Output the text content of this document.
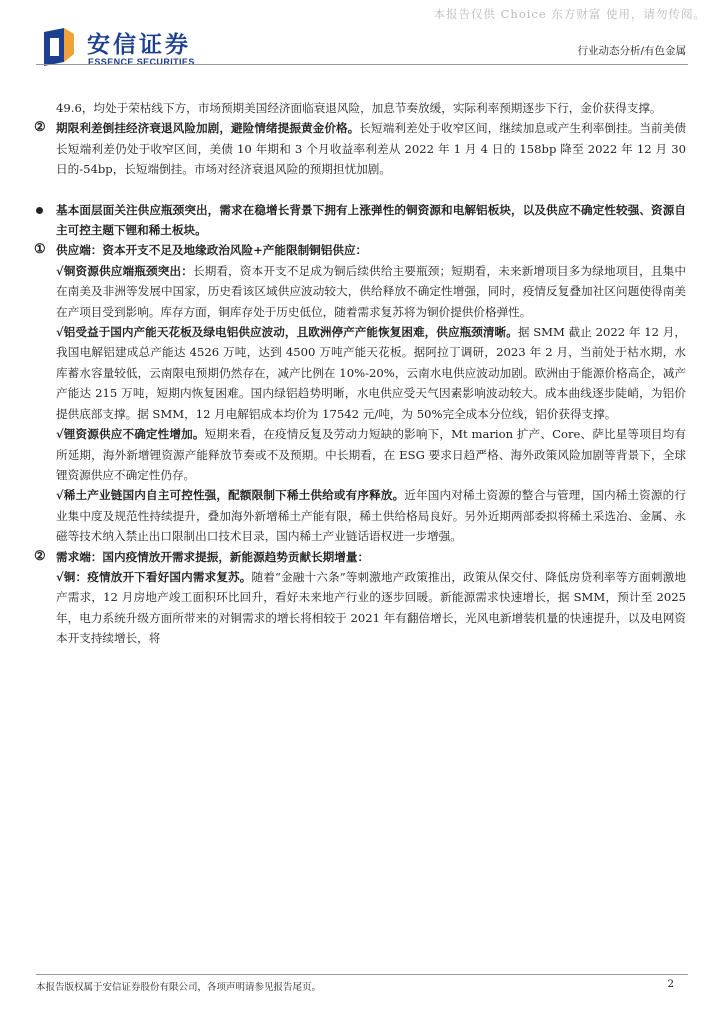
本报告仅供 Choice 东方财富 使用，请勿传阅。
安信证券
ESSENCE SECURITIES
行业动态分析/有色金属
49.6，均处于荣枯线下方，市场预期美国经济面临衰退风险，加息节奏放缓，实际利率预期逐步下行，金价获得支撑。
② 期限利差倒挂经济衰退风险加剧，避险情绪提振黄金价格。长短端利差处于收窄区间，继续加息或产生利率倒挂。当前美债长短端利差仍处于收窄区间，美债 10 年期和 3 个月收益率利差从 2022 年 1 月 4 日的 158bp 降至 2022 年 12 月 30 日的-54bp，长短端倒挂。市场对经济衰退风险的预期担忧加剧。
基本面层面关注供应瓶颈突出，需求在稳增长背景下拥有上涨弹性的铜资源和电解铝板块，以及供应不确定性较强、资源自主可控主题下锂和稀土板块。
① 供应端：资本开支不足及地缘政治风险+产能限制铜铝供应：
√铜资源供应端瓶颈突出：长期看，资本开支不足成为铜后续供给主要瓶颈；短期看，未来新增项目多为绿地项目，且集中在南美及非洲等发展中国家，历史看该区域供应波动较大，供给释放不确定性增强，同时，疫情反复叠加社区问题使得南美在产项目受到影响。库存方面，铜库存处于历史低位，随着需求复苏将为铜价提供价格弹性。
√铝受益于国内产能天花板及绿电铝供应波动，且欧洲停产产能恢复困难，供应瓶颈清晰。据 SMM 截止 2022 年 12 月，我国电解铝建成总产能达 4526 万吨，达到 4500 万吨产能天花板。据阿拉丁调研，2023 年 2 月，当前处于枯水期，水库蓄水容量较低，云南限电预期仍然存在，减产比例在 10%-20%，云南水电供应波动加剧。欧洲由于能源价格高企，减产产能达 215 万吨，短期内恢复困难。国内绿铝趋势明晰，水电供应受天气因素影响波动较大。成本曲线逐步陡峭，为铝价提供底部支撑。据 SMM，12 月电解铝成本均价为 17542 元/吨，为 50%完全成本分位线，铝价获得支撑。
√锂资源供应不确定性增加。短期来看，在疫情反复及劳动力短缺的影响下，Mt marion 扩产、Core、萨比星等项目均有所延期，海外新增锂资源产能释放节奏或不及预期。中长期看，在 ESG 要求日趋严格、海外政策风险加剧等背景下，全球锂资源供应不确定性仍存。
√稀土产业链国内自主可控性强，配额限制下稀土供给或有序释放。近年国内对稀土资源的整合与管理，国内稀土资源的行业集中度及规范性持续提升，叠加海外新增稀土产能有限，稀土供给格局良好。另外近期两部委拟将稀土采选冶、金属、永磁等技术纳入禁止出口限制出口技术目录，国内稀土产业链话语权进一步增强。
② 需求端：国内疫情放开需求提振，新能源趋势贡献长期增量：
√铜：疫情放开下看好国内需求复苏。随着“金融十六条”等刺激地产政策推出，政策从保交付、降低房贷利率等方面刺激地产需求，12 月房地产竣工面积环比回升，看好未来地产行业的逐步回暖。新能源需求快速增长，据 SMM，预计至 2025 年，电力系统升级方面所带来的对铜需求的增长将相较于 2021 年有翻倍增长，光风电新增装机量的快速提升，以及电网资本开支持续增长，将
本报告版权属于安信证券股份有限公司，各项声明请参见报告尾页。	2
